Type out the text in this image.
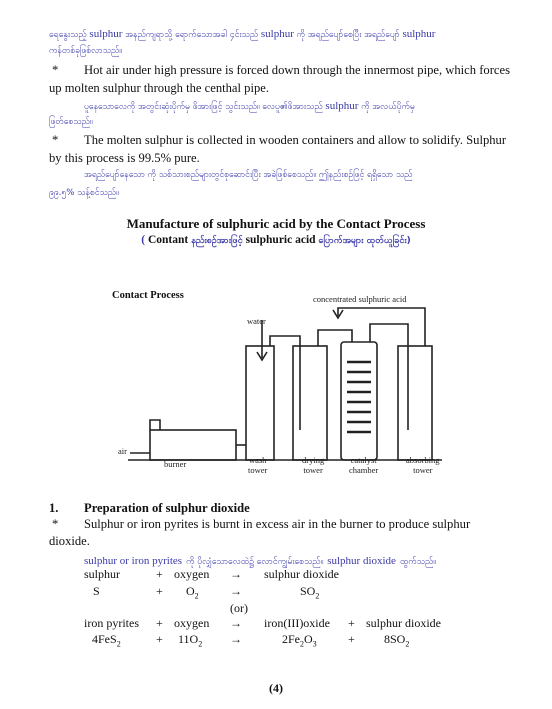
ရေနွေးသည့် sulphur အနည်ကျရာသို့ ရောက်သောအခါ ၄င်းသည် sulphur ကို အရည်ပျော်စေပြီး အရည်ပျော် sulphur
ကန်တစ်ခုဖြစ်လာသည်။
* Hot air under high pressure is forced down through the innermost pipe, which forces
up molten sulphur through the centhal pipe.
ပူနေသောလေကို အတွင်းဆုံးပိုက်မှ ဖိအားဖြင့် သွင်းသည်။ လေပူ၏ဖိအားသည် sulphur ကို အလယ်ပိုက်မှ
ဖြတ်စေသည်။
* The molten sulphur is collected in wooden containers and allow to solidify. Sulphur
by this process is 99.5% pure.
အရည်ပျော်နေသော ကို သစ်သားစည်များတွင်စုဆောင်းပြီး အခဲဖြစ်စေသည်။ ဤနည်းစဉ်ဖြင့် ရရှိသော သည်
၉၉.၅% သန့်စင်သည်။
Manufacture of sulphuric acid by the Contact Process
( Contant နည်းစဉ်အားဖြင့် sulphuric acid ပြောက်အများ ထုတ်ယူခြင်း)
Contact Process	concentrated sulphuric acid
water
air
burner	wash
tower
drying
tower
catalyst
chamber
absorbing
tower
1. Preparation of sulphur dioxide
* Sulphur or iron pyrites is burnt in excess air in the burner to produce sulphur
dioxide.
sulphur or iron pyrites ကို ပိုလျှံသောလေထဲ၌ လောင်ကျွမ်းစေသည်။ sulphur dioxide ထွက်သည်။
sulphur	+ oxygen → sulphur dioxide
S	+ $O_2$	→	$SO_2$
(or)
iron pyrites + oxygen → iron(III)oxide + sulphur dioxide
4FeS$_2$	+ $11O_2$ →	$2Fe_2O_3$	+ $8SO_2$
(4)
